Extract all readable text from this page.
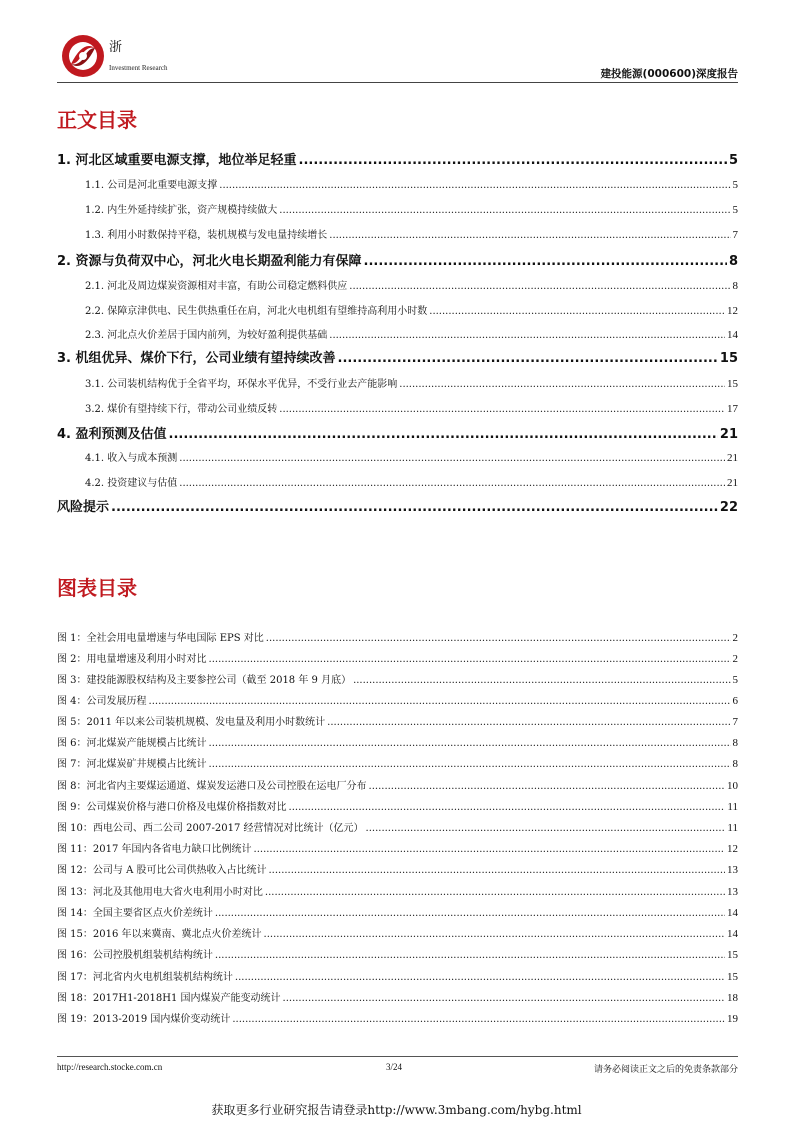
浙
Investment Research	建投能源(000600)深度报告
正文目录
1. 河北区域重要电源支撑，地位举足轻重 .....	5
1.1. 公司是河北重要电源支撑 .....	5
1.2. 内生外延持续扩张，资产规模持续做大 .....	5
1.3. 利用小时数保持平稳，装机规模与发电量持续增长 .....	7
2. 资源与负荷双中心，河北火电长期盈利能力有保障 .....	8
2.1. 河北及周边煤炭资源相对丰富，有助公司稳定燃料供应 .....	8
2.2. 保障京津供电、民生供热重任在肩，河北火电机组有望维持高利用小时数 .....	12
2.3. 河北点火价差居于国内前列，为较好盈利提供基础 .....	14
3. 机组优异、煤价下行，公司业绩有望持续改善 .....	15
3.1. 公司装机结构优于全省平均，环保水平优异，不受行业去产能影响 .....	15
3.2. 煤价有望持续下行，带动公司业绩反转 .....	17
4. 盈利预测及估值 .....	21
4.1. 收入与成本预测 .....	21
4.2. 投资建议与估值 .....	21
风险提示 .....	22
图表目录
图 1：全社会用电量增速与华电国际 EPS 对比 .....	2
图 2：用电量增速及利用小时对比 .....	2
图 3：建投能源股权结构及主要参控公司（截至 2018 年 9 月底） .....	5
图 4：公司发展历程 .....	6
图 5：2011 年以来公司装机规模、发电量及利用小时数统计 .....	7
图 6：河北煤炭产能规模占比统计 .....	8
图 7：河北煤炭矿井规模占比统计 .....	8
图 8：河北省内主要煤运通道、煤炭发运港口及公司控股在运电厂分布 .....	10
图 9：公司煤炭价格与港口价格及电煤价格指数对比 .....	11
图 10：西电公司、西二公司 2007-2017 经营情况对比统计（亿元） .....	11
图 11：2017 年国内各省电力缺口比例统计 .....	12
图 12：公司与 A 股可比公司供热收入占比统计 .....	13
图 13：河北及其他用电大省火电利用小时对比 .....	13
图 14：全国主要省区点火价差统计 .....	14
图 15：2016 年以来冀南、冀北点火价差统计 .....	14
图 16：公司控股机组装机结构统计 .....	15
图 17：河北省内火电机组装机结构统计 .....	15
图 18：2017H1-2018H1 国内煤炭产能变动统计 .....	18
图 19：2013-2019 国内煤价变动统计 .....	19
http://research.stocke.com.cn	3/24	请务必阅读正文之后的免责条款部分
获取更多行业研究报告请登录http://www.3mbang.com/hybg.html
